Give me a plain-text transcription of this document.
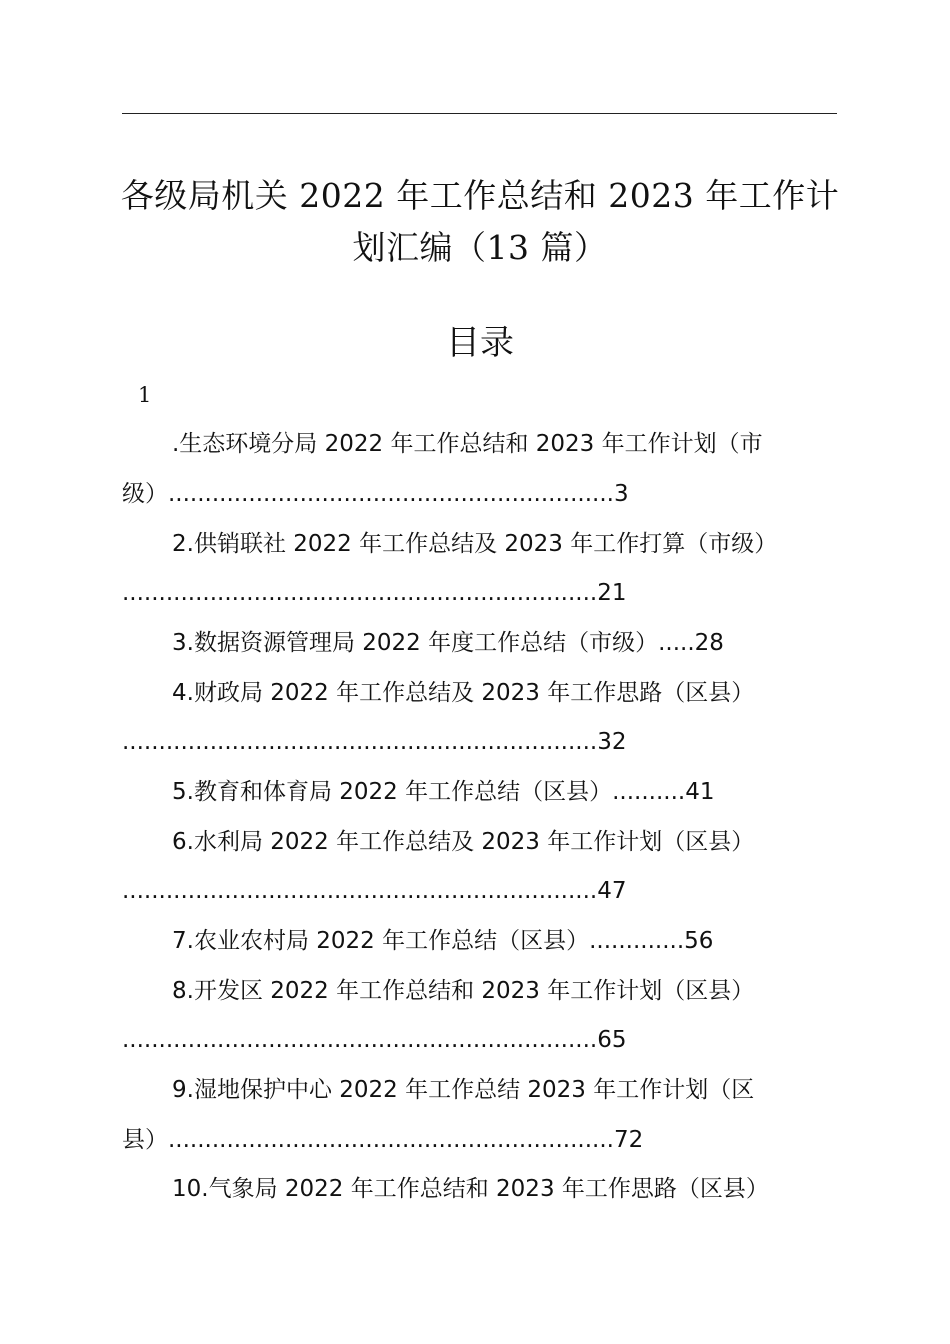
各级局机关 2022 年工作总结和 2023 年工作计
划汇编（13 篇）
目录
1
.生态环境分局 2022 年工作总结和 2023 年工作计划（市
级）.............................................................3
2.供销联社 2022 年工作总结及 2023 年工作打算（市级）
.................................................................21
3.数据资源管理局 2022 年度工作总结（市级）.....28
4.财政局 2022 年工作总结及 2023 年工作思路（区县）
.................................................................32
5.教育和体育局 2022 年工作总结（区县）..........41
6.水利局 2022 年工作总结及 2023 年工作计划（区县）
.................................................................47
7.农业农村局 2022 年工作总结（区县）.............56
8.开发区 2022 年工作总结和 2023 年工作计划（区县）
.................................................................65
9.湿地保护中心 2022 年工作总结 2023 年工作计划（区
县）.............................................................72
10.气象局 2022 年工作总结和 2023 年工作思路（区县）
